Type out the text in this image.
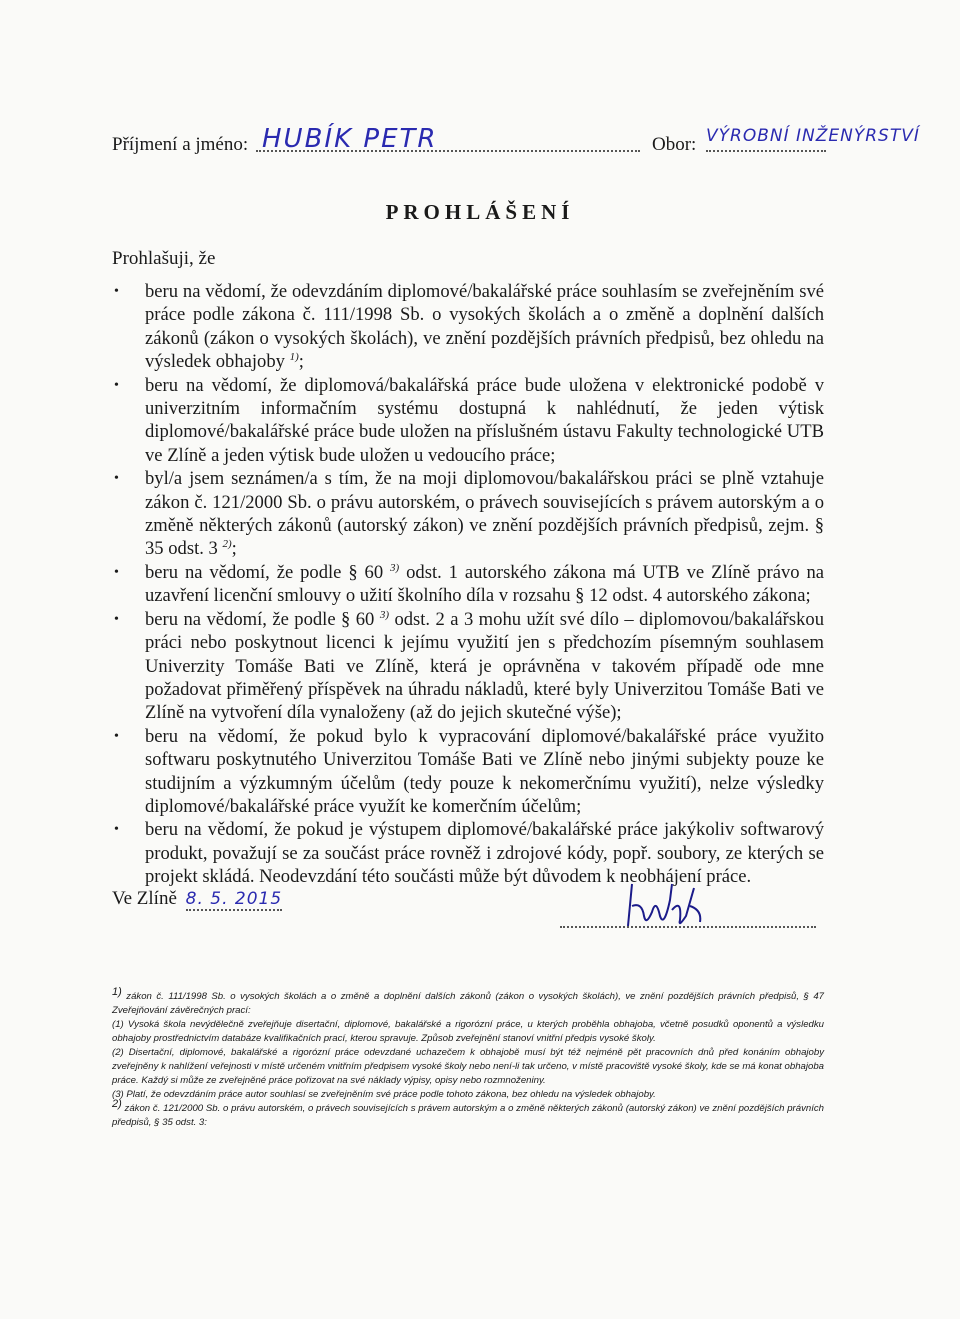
Příjmení a jméno: HUBÍK PETR	Obor: VÝROBNÍ INŽENÝRSTVÍ
PROHLÁŠENÍ
Prohlašuji, že
• beru na vědomí, že odevzdáním diplomové/bakalářské práce souhlasím se zveřejněním své práce podle zákona č. 111/1998 Sb. o vysokých školách a o změně a doplnění dalších zákonů (zákon o vysokých školách), ve znění pozdějších právních předpisů, bez ohledu na výsledek obhajoby $^{1)}$;
• beru na vědomí, že diplomová/bakalářská práce bude uložena v elektronické podobě v univerzitním informačním systému dostupná k nahlédnutí, že jeden výtisk diplomové/bakalářské práce bude uložen na příslušném ústavu Fakulty technologické UTB ve Zlíně a jeden výtisk bude uložen u vedoucího práce;
• byl/a jsem seznámen/a s tím, že na moji diplomovou/bakalářskou práci se plně vztahuje zákon č. 121/2000 Sb. o právu autorském, o právech souvisejících s právem autorským a o změně některých zákonů (autorský zákon) ve znění pozdějších právních předpisů, zejm. § 35 odst. 3 $^{2)}$;
• beru na vědomí, že podle § 60 $^{3)}$ odst. 1 autorského zákona má UTB ve Zlíně právo na uzavření licenční smlouvy o užití školního díla v rozsahu § 12 odst. 4 autorského zákona;
• beru na vědomí, že podle § 60 $^{3)}$ odst. 2 a 3 mohu užít své dílo – diplomovou/bakalářskou práci nebo poskytnout licenci k jejímu využití jen s předchozím písemným souhlasem Univerzity Tomáše Bati ve Zlíně, která je oprávněna v takovém případě ode mne požadovat přiměřený příspěvek na úhradu nákladů, které byly Univerzitou Tomáše Bati ve Zlíně na vytvoření díla vynaloženy (až do jejich skutečné výše);
• beru na vědomí, že pokud bylo k vypracování diplomové/bakalářské práce využito softwaru poskytnutého Univerzitou Tomáše Bati ve Zlíně nebo jinými subjekty pouze ke studijním a výzkumným účelům (tedy pouze k nekomerčnímu využití), nelze výsledky diplomové/bakalářské práce využít ke komerčním účelům;
• beru na vědomí, že pokud je výstupem diplomové/bakalářské práce jakýkoliv softwarový produkt, považují se za součást práce rovněž i zdrojové kódy, popř. soubory, ze kterých se projekt skládá. Neodevzdání této součásti může být důvodem k neobhájení práce.
Ve Zlíně 8. 5. 2015

$^{1)}$ zákon č. 111/1998 Sb. o vysokých školách a o změně a doplnění dalších zákonů (zákon o vysokých školách), ve znění pozdějších právních předpisů, § 47 Zveřejňování závěrečných prací:

(1) Vysoká škola nevýdělečně zveřejňuje disertační, diplomové, bakalářské a rigorózní práce, u kterých proběhla obhajoba, včetně posudků oponentů a výsledku obhajoby prostřednictvím databáze kvalifikačních prací, kterou spravuje. Způsob zveřejnění stanoví vnitřní předpis vysoké školy.

(2) Disertační, diplomové, bakalářské a rigorózní práce odevzdané uchazečem k obhajobě musí být též nejméně pět pracovních dnů před konáním obhajoby zveřejněny k nahlížení veřejnosti v místě určeném vnitřním předpisem vysoké školy nebo není-li tak určeno, v místě pracoviště vysoké školy, kde se má konat obhajoba práce. Každý si může ze zveřejněné práce pořizovat na své náklady výpisy, opisy nebo rozmnoženiny.

(3) Platí, že odevzdáním práce autor souhlasí se zveřejněním své práce podle tohoto zákona, bez ohledu na výsledek obhajoby.

$^{2)}$ zákon č. 121/2000 Sb. o právu autorském, o právech souvisejících s právem autorským a o změně některých zákonů (autorský zákon) ve znění pozdějších právních předpisů, § 35 odst. 3:
